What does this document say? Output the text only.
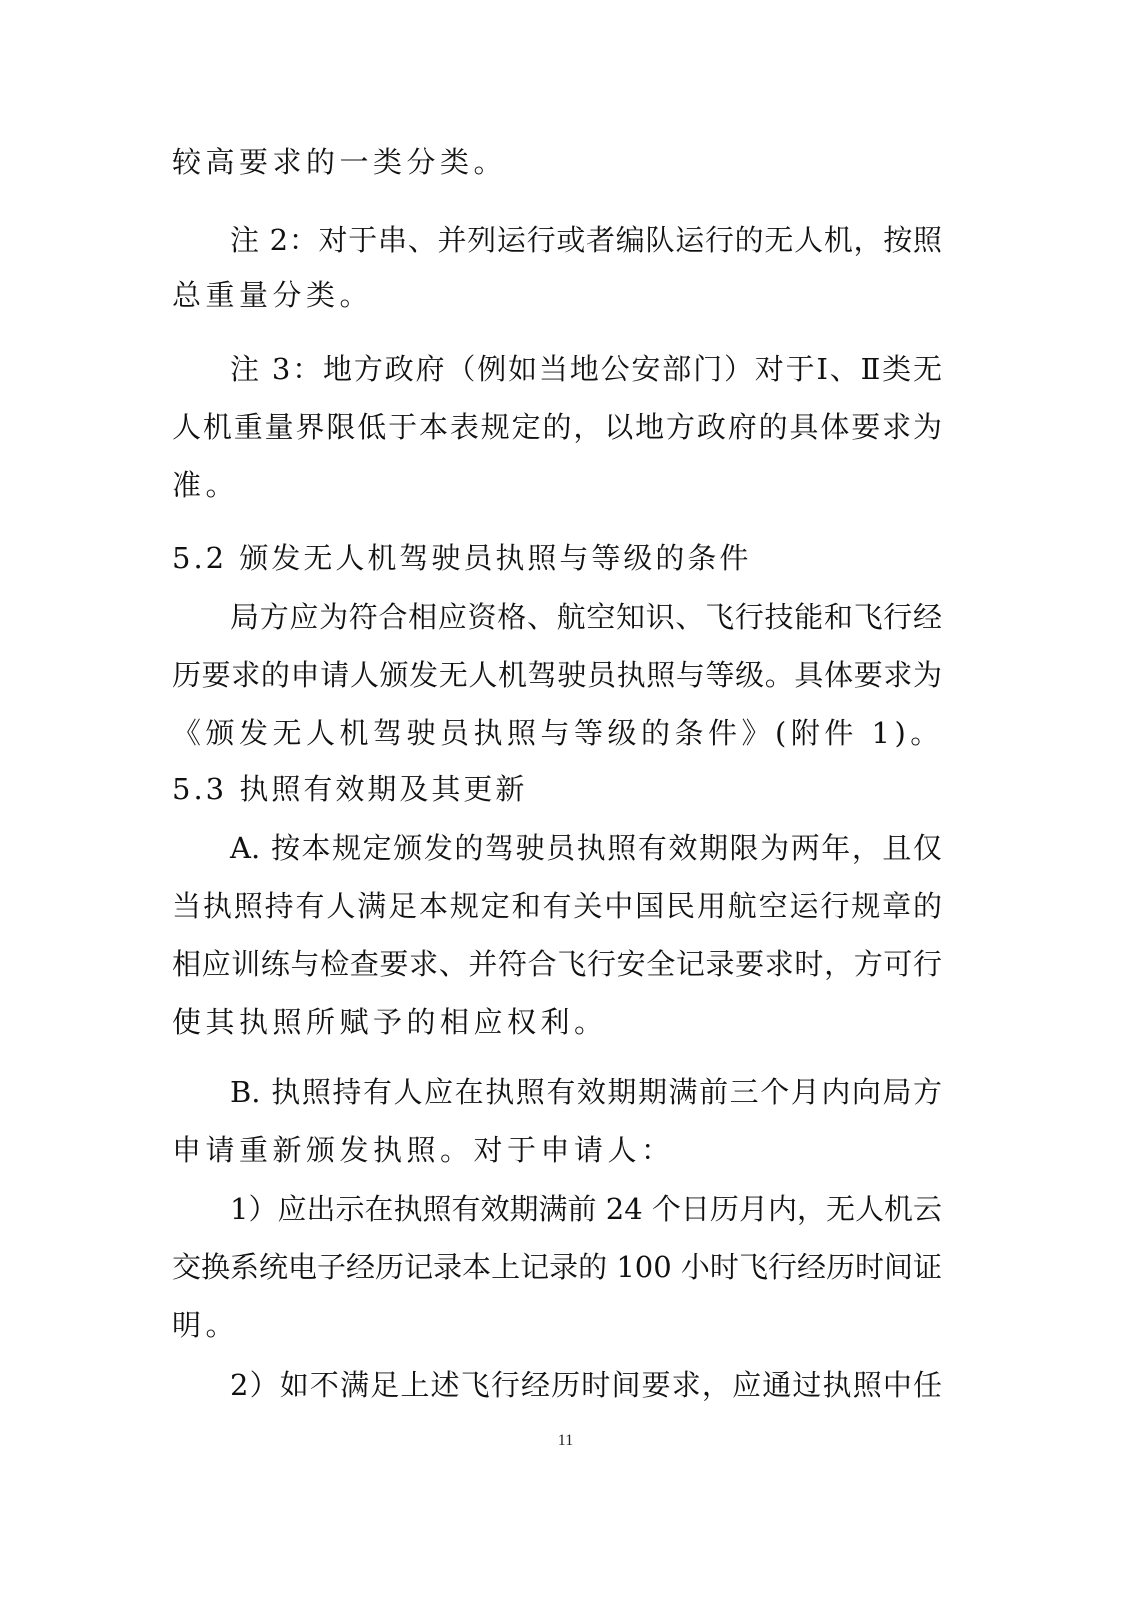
较高要求的一类分类。
注 2：对于串、并列运行或者编队运行的无人机，按照
总重量分类。
注 3：地方政府（例如当地公安部门）对于Ⅰ、Ⅱ类无
人机重量界限低于本表规定的，以地方政府的具体要求为
准。
5.2 颁发无人机驾驶员执照与等级的条件
局方应为符合相应资格、航空知识、飞行技能和飞行经
历要求的申请人颁发无人机驾驶员执照与等级。具体要求为
《颁发无人机驾驶员执照与等级的条件》(附件 1)。
5.3 执照有效期及其更新
A. 按本规定颁发的驾驶员执照有效期限为两年，且仅
当执照持有人满足本规定和有关中国民用航空运行规章的
相应训练与检查要求、并符合飞行安全记录要求时，方可行
使其执照所赋予的相应权利。
B. 执照持有人应在执照有效期期满前三个月内向局方
申请重新颁发执照。对于申请人：
1）应出示在执照有效期满前 24 个日历月内，无人机云
交换系统电子经历记录本上记录的 100 小时飞行经历时间证
明。
2）如不满足上述飞行经历时间要求，应通过执照中任
11
